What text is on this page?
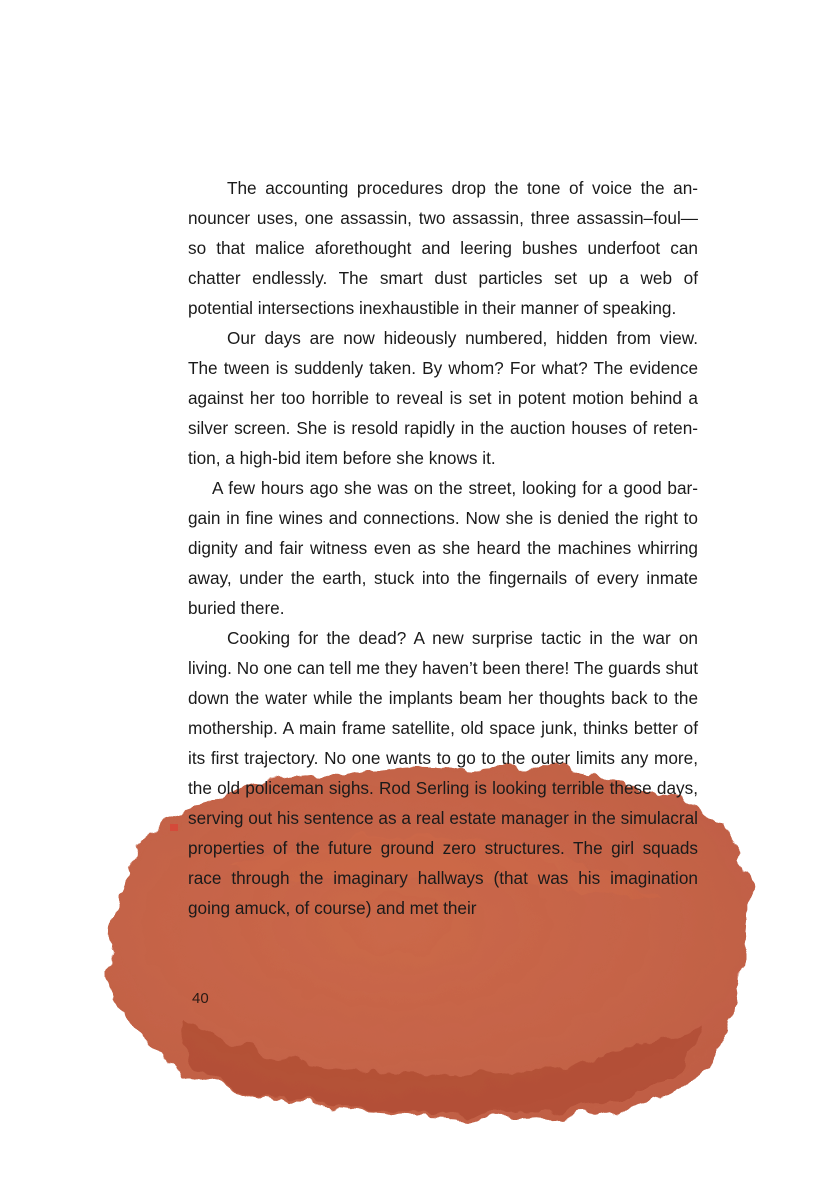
The accounting procedures drop the tone of voice the announcer uses, one assassin, two assassin, three assassin–foul—so that malice aforethought and leering bushes underfoot can chatter endlessly. The smart dust particles set up a web of potential intersections inexhaustible in their manner of speaking.

Our days are now hideously numbered, hidden from view. The tween is suddenly taken. By whom? For what? The evidence against her too horrible to reveal is set in potent motion behind a silver screen. She is resold rapidly in the auction houses of retention, a high-bid item before she knows it.

A few hours ago she was on the street, looking for a good bargain in fine wines and connections. Now she is denied the right to dignity and fair witness even as she heard the machines whirring away, under the earth, stuck into the fingernails of every inmate buried there.

Cooking for the dead? A new surprise tactic in the war on living. No one can tell me they haven’t been there! The guards shut down the water while the implants beam her thoughts back to the mothership. A main frame satellite, old space junk, thinks better of its first trajectory. No one wants to go to the outer limits any more, the old policeman sighs. Rod Serling is looking terrible these days, serving out his sentence as a real estate manager in the simulacral properties of the future ground zero structures. The girl squads race through the imaginary hallways (that was his imagination going amuck, of course) and met their

40
